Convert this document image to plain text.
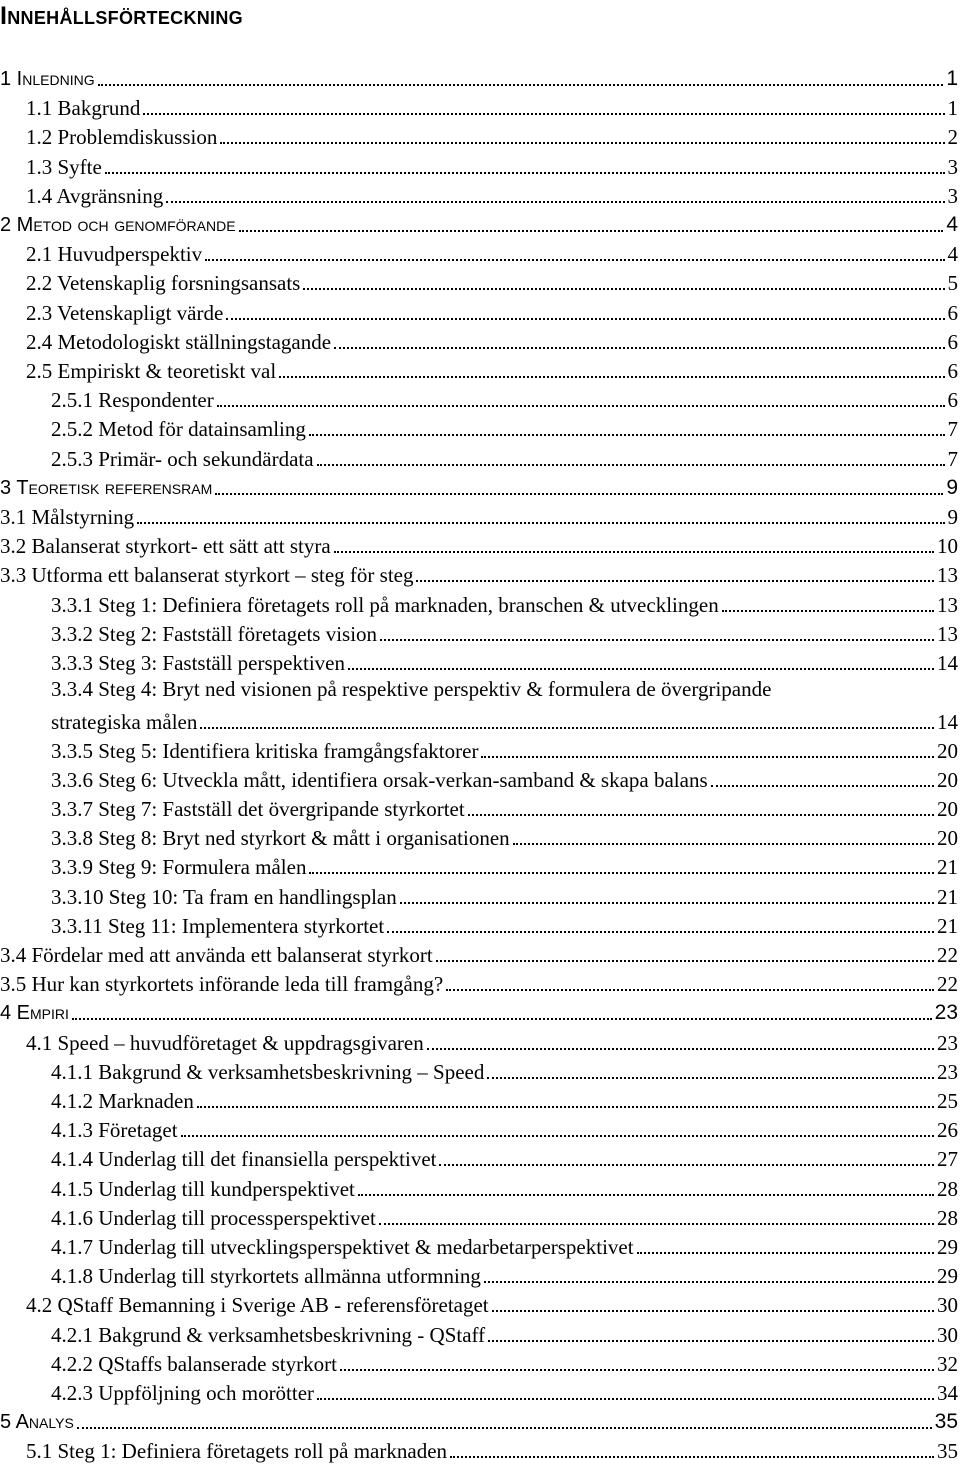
Innehållsförteckning
1 Inledning	1
1.1 Bakgrund	1
1.2 Problemdiskussion	2
1.3 Syfte	3
1.4 Avgränsning	3
2 Metod och genomförande	4
2.1 Huvudperspektiv	4
2.2 Vetenskaplig forsningsansats	5
2.3 Vetenskapligt värde	6
2.4 Metodologiskt ställningstagande	6
2.5 Empiriskt & teoretiskt val	6
2.5.1 Respondenter	6
2.5.2 Metod för datainsamling	7
2.5.3 Primär- och sekundärdata	7
3 Teoretisk referensram	9
3.1 Målstyrning	9
3.2 Balanserat styrkort- ett sätt att styra	10
3.3 Utforma ett balanserat styrkort – steg för steg	13
3.3.1 Steg 1: Definiera företagets roll på marknaden, branschen & utvecklingen	13
3.3.2 Steg 2: Fastställ företagets vision	13
3.3.3 Steg 3: Fastställ perspektiven	14
3.3.4 Steg 4: Bryt ned visionen på respektive perspektiv & formulera de övergripande
strategiska målen	14
3.3.5 Steg 5: Identifiera kritiska framgångsfaktorer	20
3.3.6 Steg 6: Utveckla mått, identifiera orsak-verkan-samband & skapa balans	20
3.3.7 Steg 7: Fastställ det övergripande styrkortet	20
3.3.8 Steg 8: Bryt ned styrkort & mått i organisationen	20
3.3.9 Steg 9: Formulera målen	21
3.3.10 Steg 10: Ta fram en handlingsplan	21
3.3.11 Steg 11: Implementera styrkortet	21
3.4 Fördelar med att använda ett balanserat styrkort	22
3.5 Hur kan styrkortets införande leda till framgång?	22
4 Empiri	23
4.1 Speed – huvudföretaget & uppdragsgivaren	23
4.1.1 Bakgrund & verksamhetsbeskrivning – Speed	23
4.1.2 Marknaden	25
4.1.3 Företaget	26
4.1.4 Underlag till det finansiella perspektivet	27
4.1.5 Underlag till kundperspektivet	28
4.1.6 Underlag till processperspektivet	28
4.1.7 Underlag till utvecklingsperspektivet & medarbetarperspektivet	29
4.1.8 Underlag till styrkortets allmänna utformning	29
4.2 QStaff Bemanning i Sverige AB - referensföretaget	30
4.2.1 Bakgrund & verksamhetsbeskrivning - QStaff	30
4.2.2 QStaffs balanserade styrkort	32
4.2.3 Uppföljning och morötter	34
5 Analys	35
5.1 Steg 1: Definiera företagets roll på marknaden	35
